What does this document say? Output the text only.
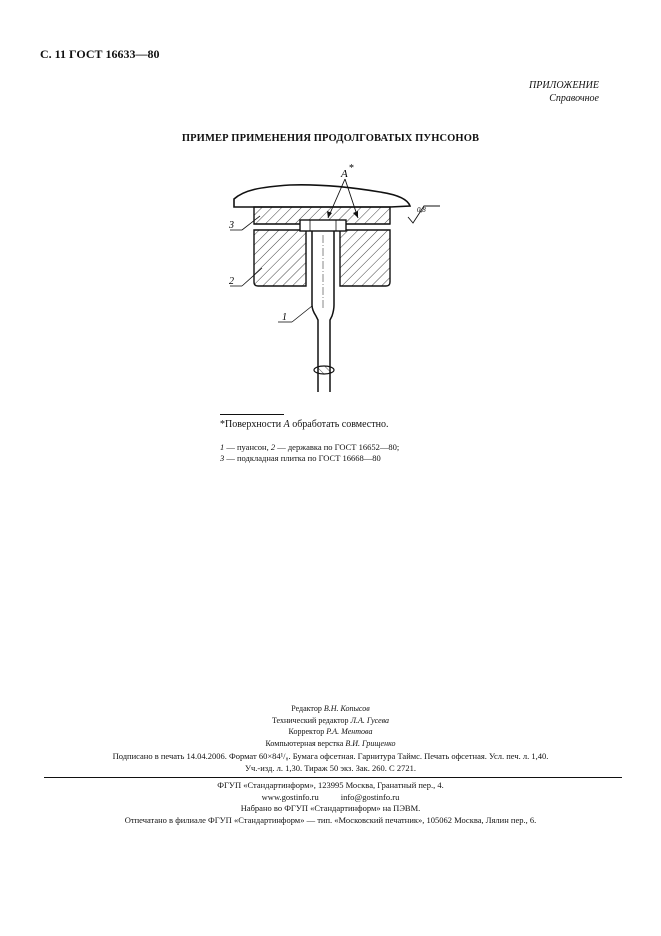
С. 11 ГОСТ 16633—80
ПРИЛОЖЕНИЕ
Справочное
ПРИМЕР ПРИМЕНЕНИЯ ПРОДОЛГОВАТЫХ ПУНСОНОВ
А *
0,8
3
2
1
*Поверхности А обработать совместно.
1 — пуансон, 2 — державка по ГОСТ 16652—80;
3 — подкладная плитка по ГОСТ 16668—80
Редактор В.Н. Копысов
Технический редактор Л.А. Гусева
Корректор Р.А. Ментова
Компьютерная верстка В.И. Грищенко
Подписано в печать 14.04.2006. Формат 60×84¹/₈. Бумага офсетная. Гарнитура Таймс. Печать офсетная. Усл. печ. л. 1,40.
Уч.-изд. л. 1,30. Тираж 50 экз. Зак. 260. С 2721.
ФГУП «Стандартинформ», 123995 Москва, Гранатный пер., 4.
www.gostinfo.ru	info@gostinfo.ru
Набрано во ФГУП «Стандартинформ» на ПЭВМ.
Отпечатано в филиале ФГУП «Стандартинформ» — тип. «Московский печатник», 105062 Москва, Лялин пер., 6.
